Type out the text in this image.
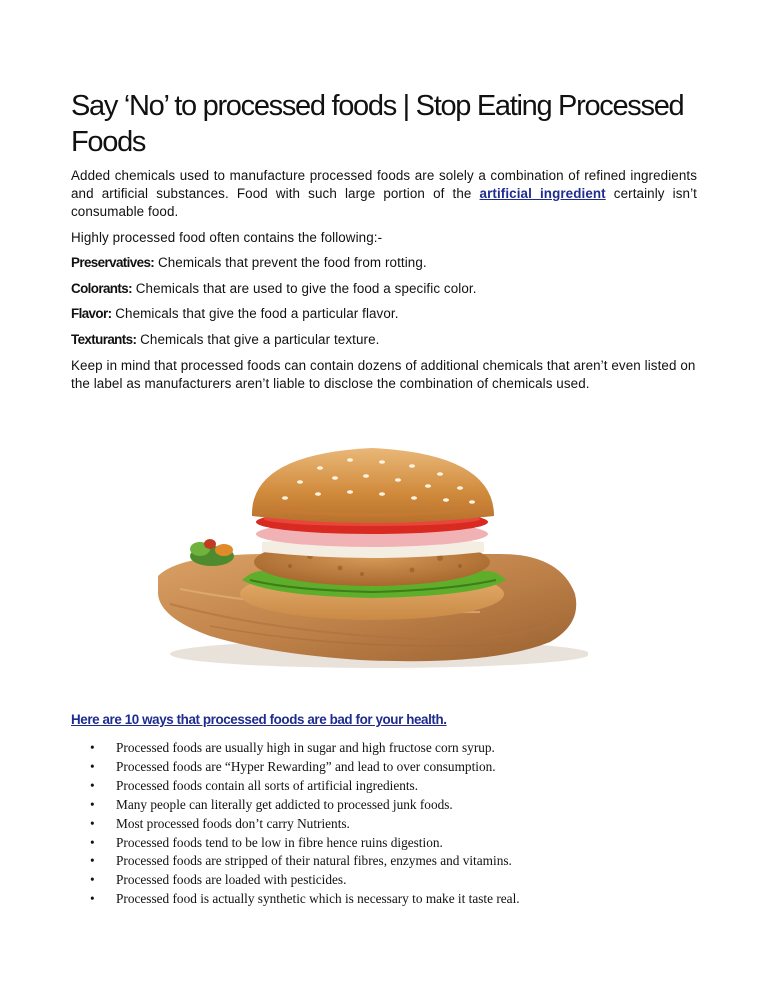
Say ‘No’ to processed foods | Stop Eating Processed Foods

Added chemicals used to manufacture processed foods are solely a combination of refined ingredients and artificial substances. Food with such large portion of the artificial ingredient certainly isn’t consumable food.

Highly processed food often contains the following:-

Preservatives: Chemicals that prevent the food from rotting.

Colorants: Chemicals that are used to give the food a specific color.

Flavor: Chemicals that give the food a particular flavor.

Texturants: Chemicals that give a particular texture.

Keep in mind that processed foods can contain dozens of additional chemicals that aren’t even listed on the label as manufacturers aren’t liable to disclose the combination of chemicals used.

Here are 10 ways that processed foods are bad for your health.
• Processed foods are usually high in sugar and high fructose corn syrup.
• Processed foods are “Hyper Rewarding” and lead to over consumption.
• Processed foods contain all sorts of artificial ingredients.
• Many people can literally get addicted to processed junk foods.
• Most processed foods don’t carry Nutrients.
• Processed foods tend to be low in fibre hence ruins digestion.
• Processed foods are stripped of their natural fibres, enzymes and vitamins.
• Processed foods are loaded with pesticides.
• Processed food is actually synthetic which is necessary to make it taste real.
